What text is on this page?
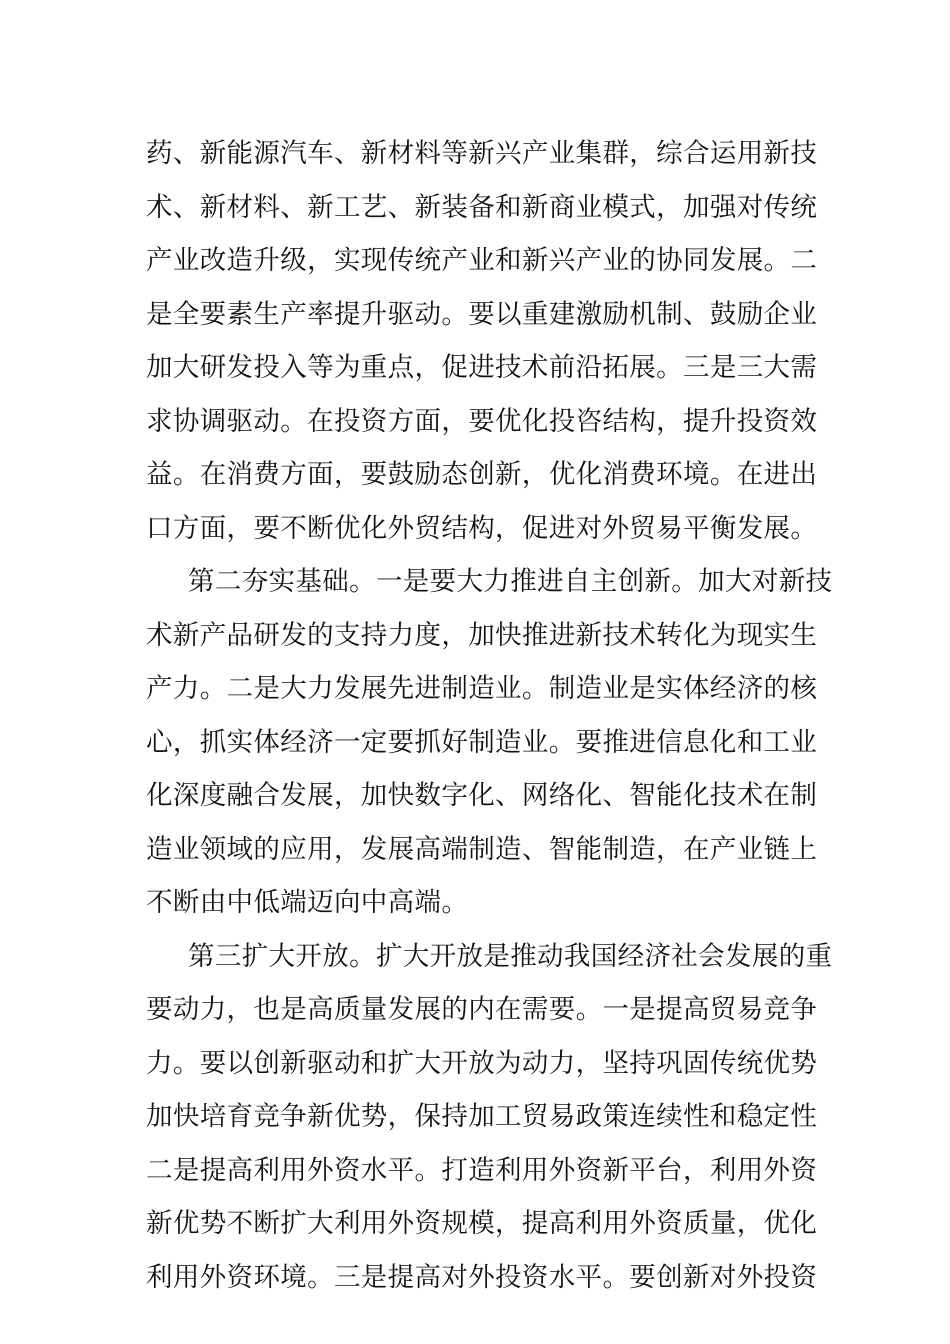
药、新能源汽车、新材料等新兴产业集群，综合运用新技
术、新材料、新工艺、新装备和新商业模式，加强对传统
产业改造升级，实现传统产业和新兴产业的协同发展。二
是全要素生产率提升驱动。要以重建激励机制、鼓励企业
加大研发投入等为重点，促进技术前沿拓展。三是三大需
求协调驱动。在投资方面，要优化投咨结构，提升投资效
益。在消费方面，要鼓励态创新，优化消费环境。在进出
口方面，要不断优化外贸结构，促进对外贸易平衡发展。
第二夯实基础。一是要大力推进自主创新。加大对新技
术新产品研发的支持力度，加快推进新技术转化为现实生
产力。二是大力发展先进制造业。制造业是实体经济的核
心，抓实体经济一定要抓好制造业。要推进信息化和工业
化深度融合发展，加快数字化、网络化、智能化技术在制
造业领域的应用，发展高端制造、智能制造，在产业链上
不断由中低端迈向中高端。
第三扩大开放。扩大开放是推动我国经济社会发展的重
要动力，也是高质量发展的内在需要。一是提高贸易竞争
力。要以创新驱动和扩大开放为动力，坚持巩固传统优势
加快培育竞争新优势，保持加工贸易政策连续性和稳定性
二是提高利用外资水平。打造利用外资新平台，利用外资
新优势不断扩大利用外资规模，提高利用外资质量，优化
利用外资环境。三是提高对外投资水平。要创新对外投资
